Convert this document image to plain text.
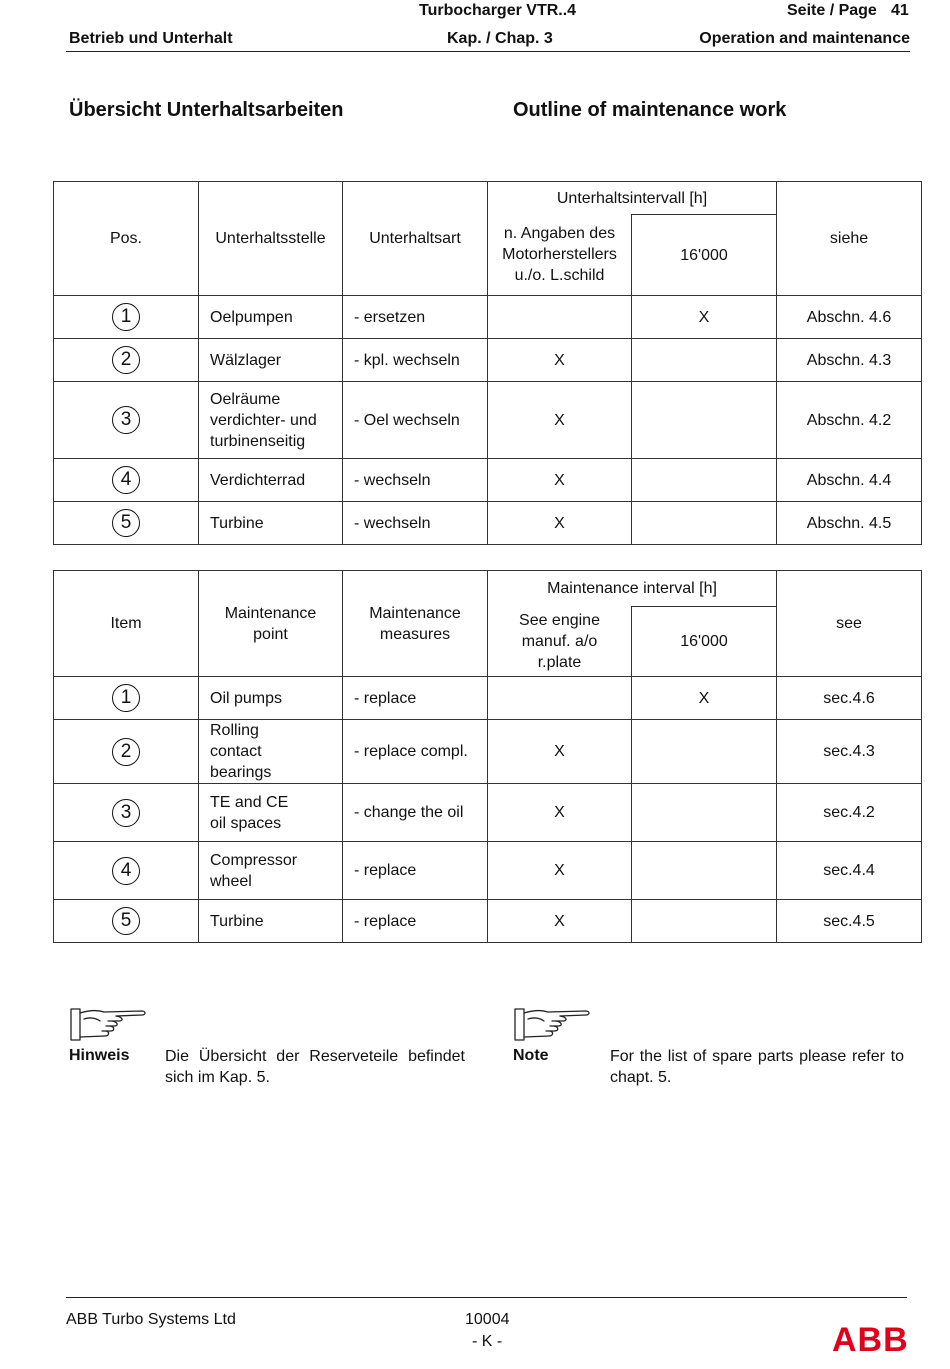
Turbocharger VTR..4	Seite / Page 41
Betrieb und Unterhalt	Kap. / Chap. 3	Operation and maintenance
Übersicht Unterhaltsarbeiten	Outline of maintenance work
Pos.	Unterhaltsstelle	Unterhaltsart	Unterhaltsintervall [h]		siehe
			n. Angaben des Motorherstellers u./o. L.schild	16'000	
1	Oelpumpen	- ersetzen		X	Abschn. 4.6
2	Wälzlager	- kpl. wechseln	X		Abschn. 4.3
3	Oelräume verdichter- und turbinenseitig	- Oel wechseln	X		Abschn. 4.2
4	Verdichterrad	- wechseln	X		Abschn. 4.4
5	Turbine	- wechseln	X		Abschn. 4.5
Item	Maintenance point	Maintenance measures	Maintenance interval [h]		see
			See engine manuf. a/o r.plate	16'000	
1	Oil pumps	- replace		X	sec.4.6
2	Rolling contact bearings	- replace compl.	X		sec.4.3
3	TE and CE oil spaces	- change the oil	X		sec.4.2
4	Compressor wheel	- replace	X		sec.4.4
5	Turbine	- replace	X		sec.4.5
Hinweis Die Übersicht der Reserveteile befindet sich im Kap. 5.
Note	For the list of spare parts please refer to chapt. 5.
ABB Turbo Systems Ltd	10004
- K -	ABB
